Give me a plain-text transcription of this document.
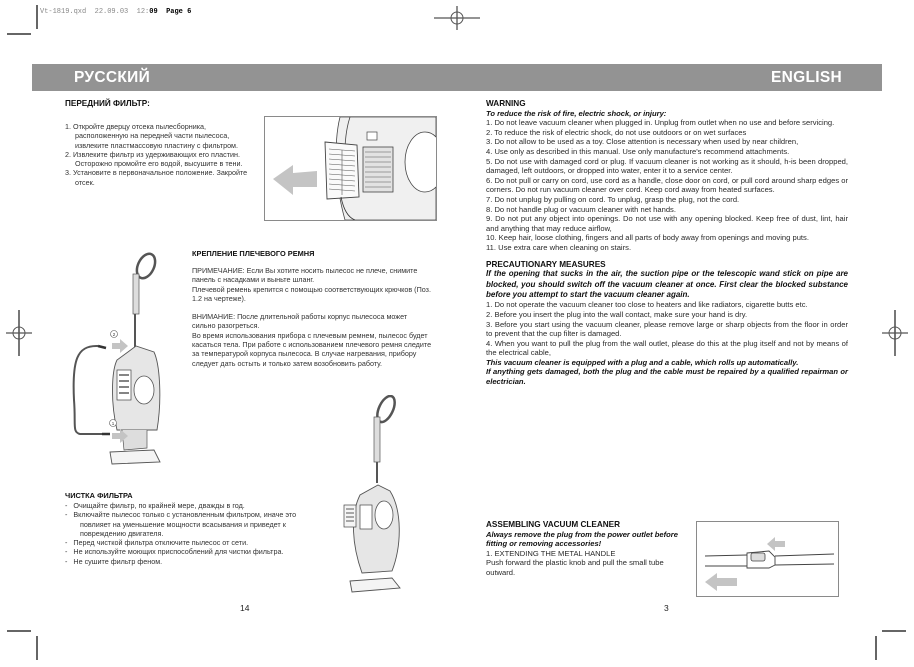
Vt-1819.qxd 22.09.03 12:09 Page 6
РУССКИЙ	ENGLISH
ПЕРЕДНИЙ ФИЛЬТР:
1. Откройте дверцу отсека пылесборника, расположенную на передней части пылесоса, извлеките пластмассовую пластину с фильтром.
2. Извлеките фильтр из удерживающих его пластин. Осторожно промойте его водой, высушите в тени.
3. Установите в первоначальное положение. Закройте отсек.
КРЕПЛЕНИЕ ПЛЕЧЕВОГО РЕМНЯ
ПРИМЕЧАНИЕ: Если Вы хотите носить пылесос не плече, снимите панель с насадками и выньте шланг.
Плечевой ремень крепится с помощью соответствующих крючков (Поз. 1.2 на чертеже).
ВНИМАНИЕ: После длительной работы корпус пылесоса может сильно разогреться.
Во время использования прибора с плечевым ремнем, пылесос будет касаться тела. При работе с использованием плечевого ремня следите за температурой корпуса пылесоса. В случае нагревания, прибору следует дать остыть и только затем возобновить работу.
2
1
ЧИСТКА ФИЛЬТРА
-   Очищайте фильтр, по крайней мере, дважды в год.
-   Включайте пылесос только с установленным фильтром, иначе это повлияет на уменьшение мощности всасывания и приведет к повреждению двигателя.
-   Перед чисткой фильтра отключите пылесос от сети.
-   Не используйте моющих приспособлений для чистки фильтра.
-   Не сушите фильтр феном.
14

WARNING

To reduce the risk of fire, electric shock, or injury:

1. Do not leave vacuum cleaner when plugged in. Unplug from outlet when no use and before servicing.

2. To reduce the risk of electric shock, do not use outdoors or on wet surfaces

3. Do not allow to be used as a toy. Close attention is necessary when used by near children,

4. Use only as described in this manual. Use only manufacture's recommend attachments.

5. Do not use with damaged cord or plug. If vacuum cleaner is not working as it should, h-is been dropped, damaged, left outdoors, or dropped into water, enter it to a service center.

6. Do not pull or carry on cord, use cord as a handle, close door on cord, or pull cord around sharp edges or corners. Do not run vacuum cleaner over cord. Keep cord away from heated surfaces.

7. Do not unplug by pulling on cord. To unplug, grasp the plug, not the cord.

8. Do not handle plug or vacuum cleaner with net hands.

9. Do not put any object into openings. Do not use with any opening blocked. Keep free of dust, lint, hair and anything that may reduce airflow,

10. Keep hair, loose clothing, fingers and all parts of body away from openings and moving puts.

11. Use extra care when cleaning on stairs.

PRECAUTIONARY MEASURES

If the opening that sucks in the air, the suction pipe or the telescopic wand stick on pipe are blocked, you should switch off the vacuum cleaner at once. First clear the blocked substance before you attempt to start the vacuum cleaner again.

1. Do not operate the vacuum cleaner too close to heaters and like radiators, cigarette butts etc.

2. Before you insert the plug into the wall contact, make sure your hand is dry.

3. Before you start using the vacuum cleaner, please remove large or sharp objects from the floor in order to prevent that the cup filter is damaged.

4. When you want to pull the plug from the wall outlet, please do this at the plug itself and not by means of the electrical cable,

This vacuum cleaner is equipped with a plug and a cable, which rolls up automatically.

If anything gets damaged, both the plug and the cable must be repaired by a qualified repairman or electrician.

ASSEMBLING VACUUM CLEANER
Always remove the plug from the power outlet before fitting or removing accessories!
1. EXTENDING THE METAL HANDLE
Push forward the plastic knob and pull the small tube outward.
3
